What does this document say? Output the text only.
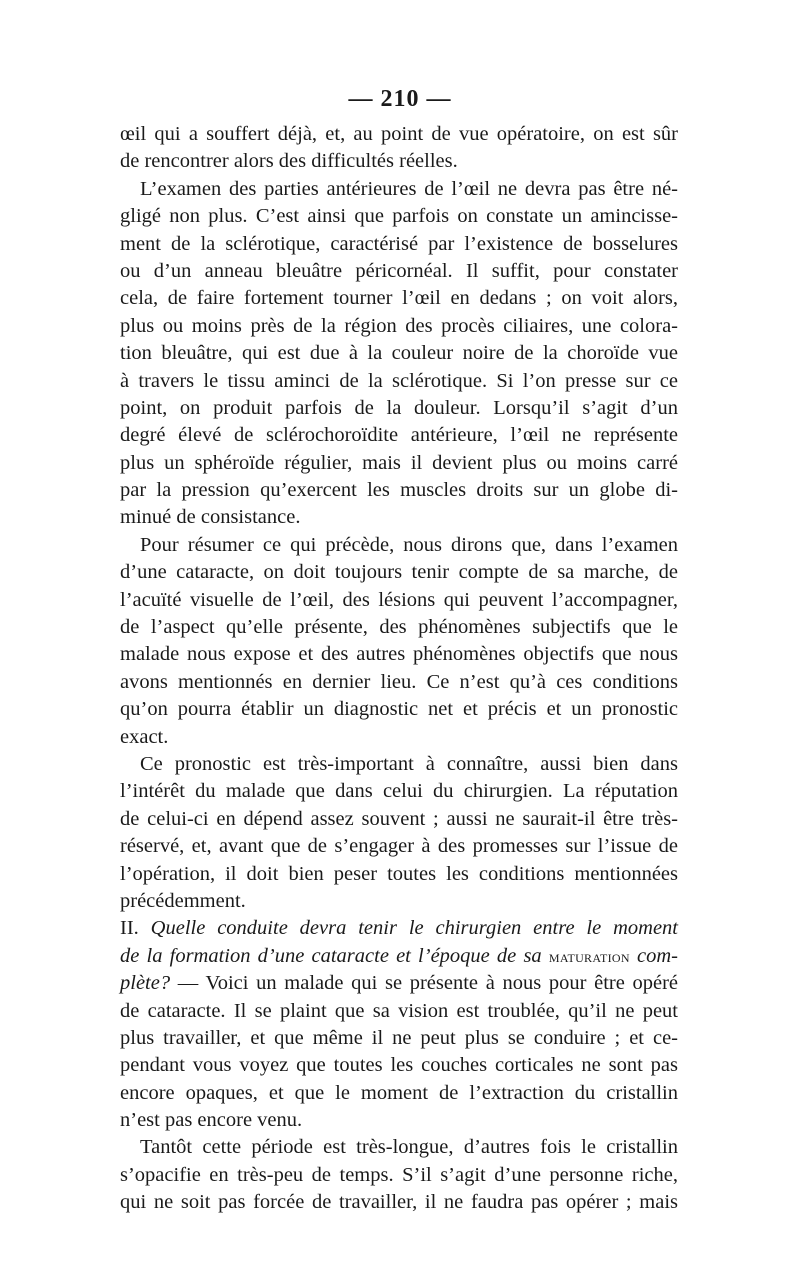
— 210 —
œil qui a souffert déjà, et, au point de vue opératoire, on est sûr
de rencontrer alors des difficultés réelles.
L’examen des parties antérieures de l’œil ne devra pas être né-
gligé non plus. C’est ainsi que parfois on constate un amincisse-
ment de la sclérotique, caractérisé par l’existence de bosselures
ou d’un anneau bleuâtre péricornéal. Il suffit, pour constater
cela, de faire fortement tourner l’œil en dedans ; on voit alors,
plus ou moins près de la région des procès ciliaires, une colora-
tion bleuâtre, qui est due à la couleur noire de la choroïde vue
à travers le tissu aminci de la sclérotique. Si l’on presse sur ce
point, on produit parfois de la douleur. Lorsqu’il s’agit d’un
degré élevé de sclérochoroïdite antérieure, l’œil ne représente
plus un sphéroïde régulier, mais il devient plus ou moins carré
par la pression qu’exercent les muscles droits sur un globe di-
minué de consistance.
Pour résumer ce qui précède, nous dirons que, dans l’examen
d’une cataracte, on doit toujours tenir compte de sa marche, de
l’acuïté visuelle de l’œil, des lésions qui peuvent l’accompagner,
de l’aspect qu’elle présente, des phénomènes subjectifs que le
malade nous expose et des autres phénomènes objectifs que nous
avons mentionnés en dernier lieu. Ce n’est qu’à ces conditions
qu’on pourra établir un diagnostic net et précis et un pronostic
exact.
Ce pronostic est très-important à connaître, aussi bien dans
l’intérêt du malade que dans celui du chirurgien. La réputation
de celui-ci en dépend assez souvent ; aussi ne saurait-il être très-
réservé, et, avant que de s’engager à des promesses sur l’issue de
l’opération, il doit bien peser toutes les conditions mentionnées
précédemment.
II. Quelle conduite devra tenir le chirurgien entre le moment
de la formation d’une cataracte et l’époque de sa maturation com-
plète? — Voici un malade qui se présente à nous pour être opéré
de cataracte. Il se plaint que sa vision est troublée, qu’il ne peut
plus travailler, et que même il ne peut plus se conduire ; et ce-
pendant vous voyez que toutes les couches corticales ne sont pas
encore opaques, et que le moment de l’extraction du cristallin
n’est pas encore venu.
Tantôt cette période est très-longue, d’autres fois le cristallin
s’opacifie en très-peu de temps. S’il s’agit d’une personne riche,
qui ne soit pas forcée de travailler, il ne faudra pas opérer ; mais
